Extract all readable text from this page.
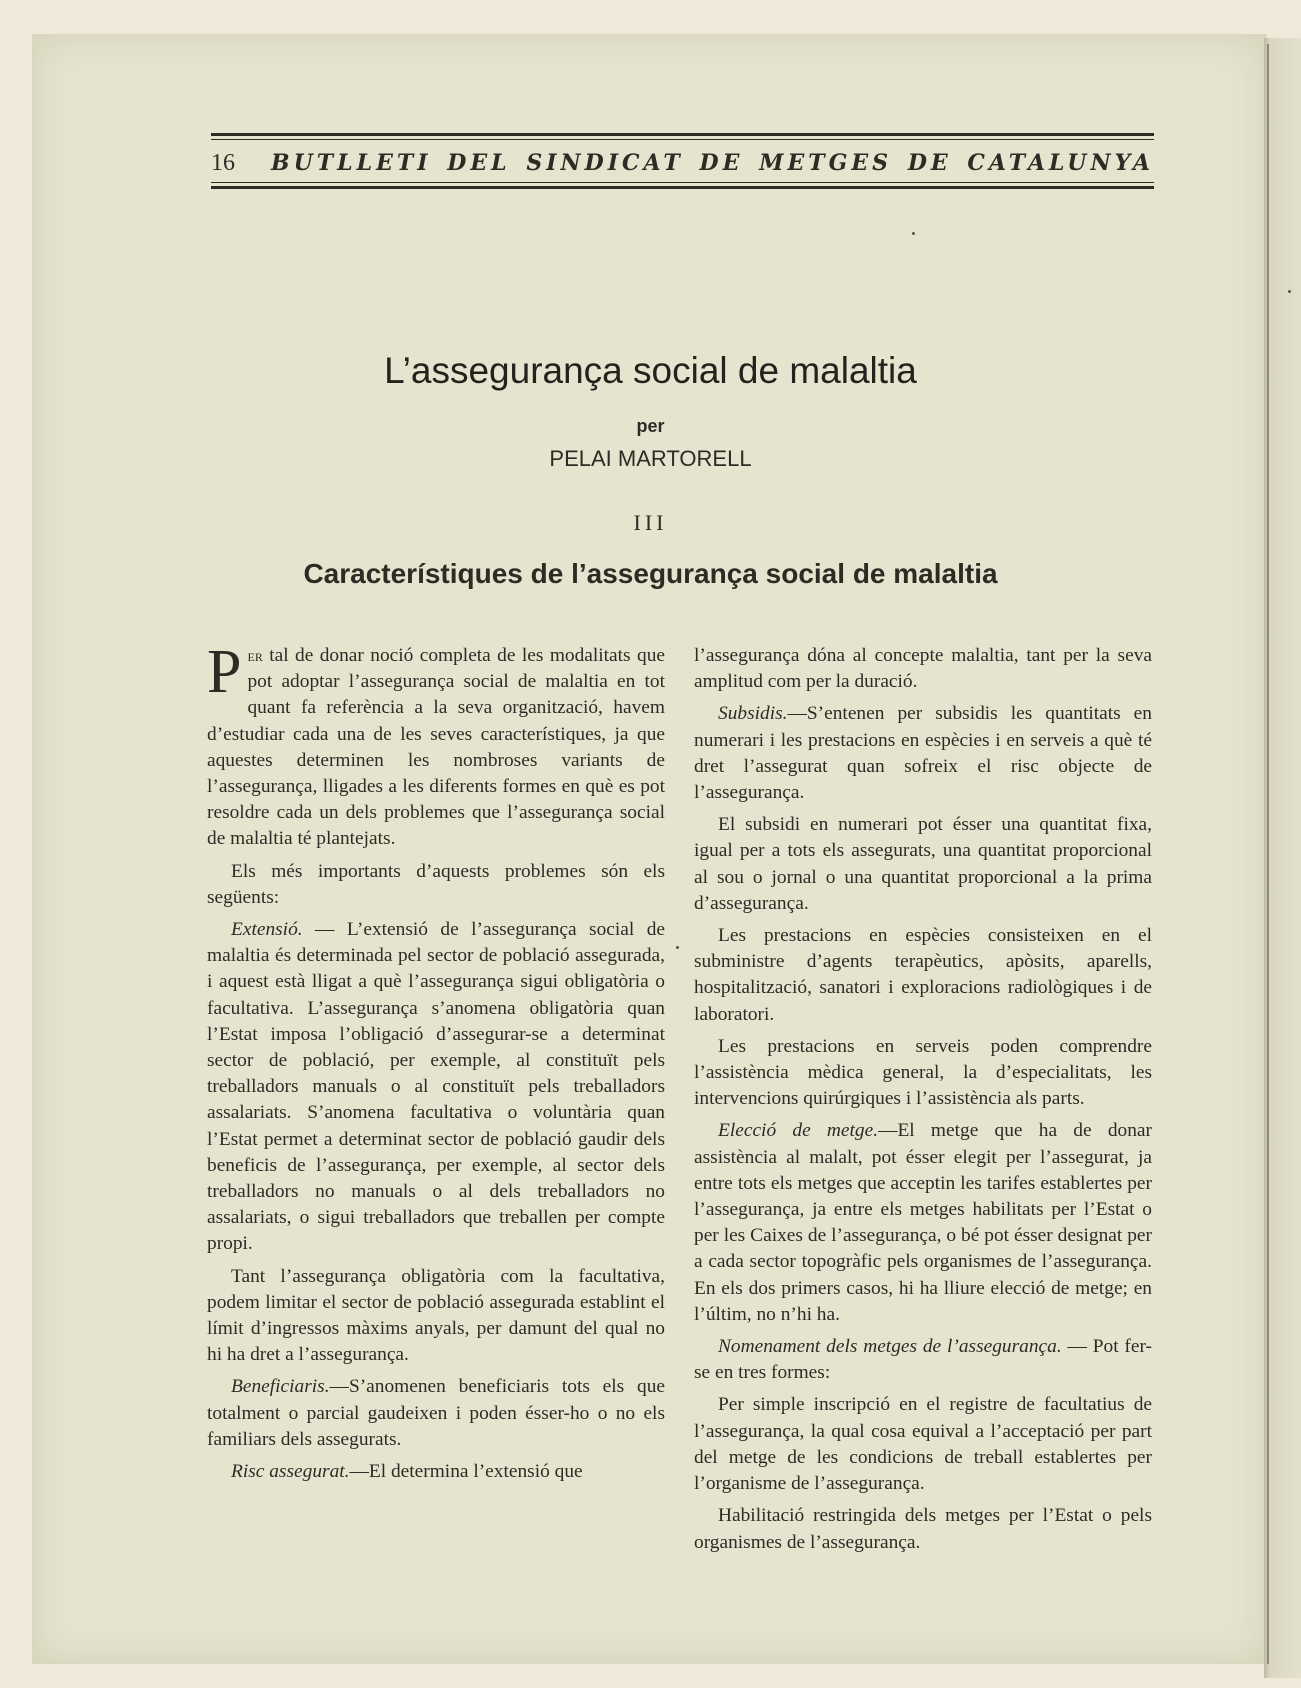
16	BUTLLETI DEL SINDICAT DE METGES DE CATALUNYA
L’assegurança social de malaltia
per
PELAI MARTORELL
III
Característiques de l’assegurança social de malaltia

Per tal de donar noció completa de les modalitats que pot adoptar l’assegurança social de malaltia en tot quant fa referència a la seva organització, havem d’estudiar cada una de les seves característiques, ja que aquestes determinen les nombroses variants de l’assegurança, lligades a les diferents formes en què es pot resoldre cada un dels problemes que l’assegurança social de malaltia té plantejats.

Els més importants d’aquests problemes són els següents:

Extensió. — L’extensió de l’assegurança social de malaltia és determinada pel sector de població assegurada, i aquest està lligat a què l’assegurança sigui obligatòria o facultativa. L’assegurança s’anomena obligatòria quan l’Estat imposa l’obligació d’assegurar-se a determinat sector de població, per exemple, al constituït pels treballadors manuals o al constituït pels treballadors assalariats. S’anomena facultativa o voluntària quan l’Estat permet a determinat sector de població gaudir dels beneficis de l’assegurança, per exemple, al sector dels treballadors no manuals o al dels treballadors no assalariats, o sigui treballadors que treballen per compte propi.

Tant l’assegurança obligatòria com la facultativa, podem limitar el sector de població assegurada establint el límit d’ingressos màxims anyals, per damunt del qual no hi ha dret a l’assegurança.

Beneficiaris.—S’anomenen beneficiaris tots els que totalment o parcial gaudeixen i poden ésser-ho o no els familiars dels assegurats.

Risc assegurat.—El determina l’extensió que

l’assegurança dóna al concepte malaltia, tant per la seva amplitud com per la duració.

Subsidis.—S’entenen per subsidis les quantitats en numerari i les prestacions en espècies i en serveis a què té dret l’assegurat quan sofreix el risc objecte de l’assegurança.

El subsidi en numerari pot ésser una quantitat fixa, igual per a tots els assegurats, una quantitat proporcional al sou o jornal o una quantitat proporcional a la prima d’assegurança.

Les prestacions en espècies consisteixen en el subministre d’agents terapèutics, apòsits, aparells, hospitalització, sanatori i exploracions radiològiques i de laboratori.

Les prestacions en serveis poden comprendre l’assistència mèdica general, la d’especialitats, les intervencions quirúrgiques i l’assistència als parts.

Elecció de metge.—El metge que ha de donar assistència al malalt, pot ésser elegit per l’assegurat, ja entre tots els metges que acceptin les tarifes establertes per l’assegurança, ja entre els metges habilitats per l’Estat o per les Caixes de l’assegurança, o bé pot ésser designat per a cada sector topogràfic pels organismes de l’assegurança. En els dos primers casos, hi ha lliure elecció de metge; en l’últim, no n’hi ha.

Nomenament dels metges de l’assegurança. — Pot fer-se en tres formes:

Per simple inscripció en el registre de facultatius de l’assegurança, la qual cosa equival a l’acceptació per part del metge de les condicions de treball establertes per l’organisme de l’assegurança.

Habilitació restringida dels metges per l’Estat o pels organismes de l’assegurança.
